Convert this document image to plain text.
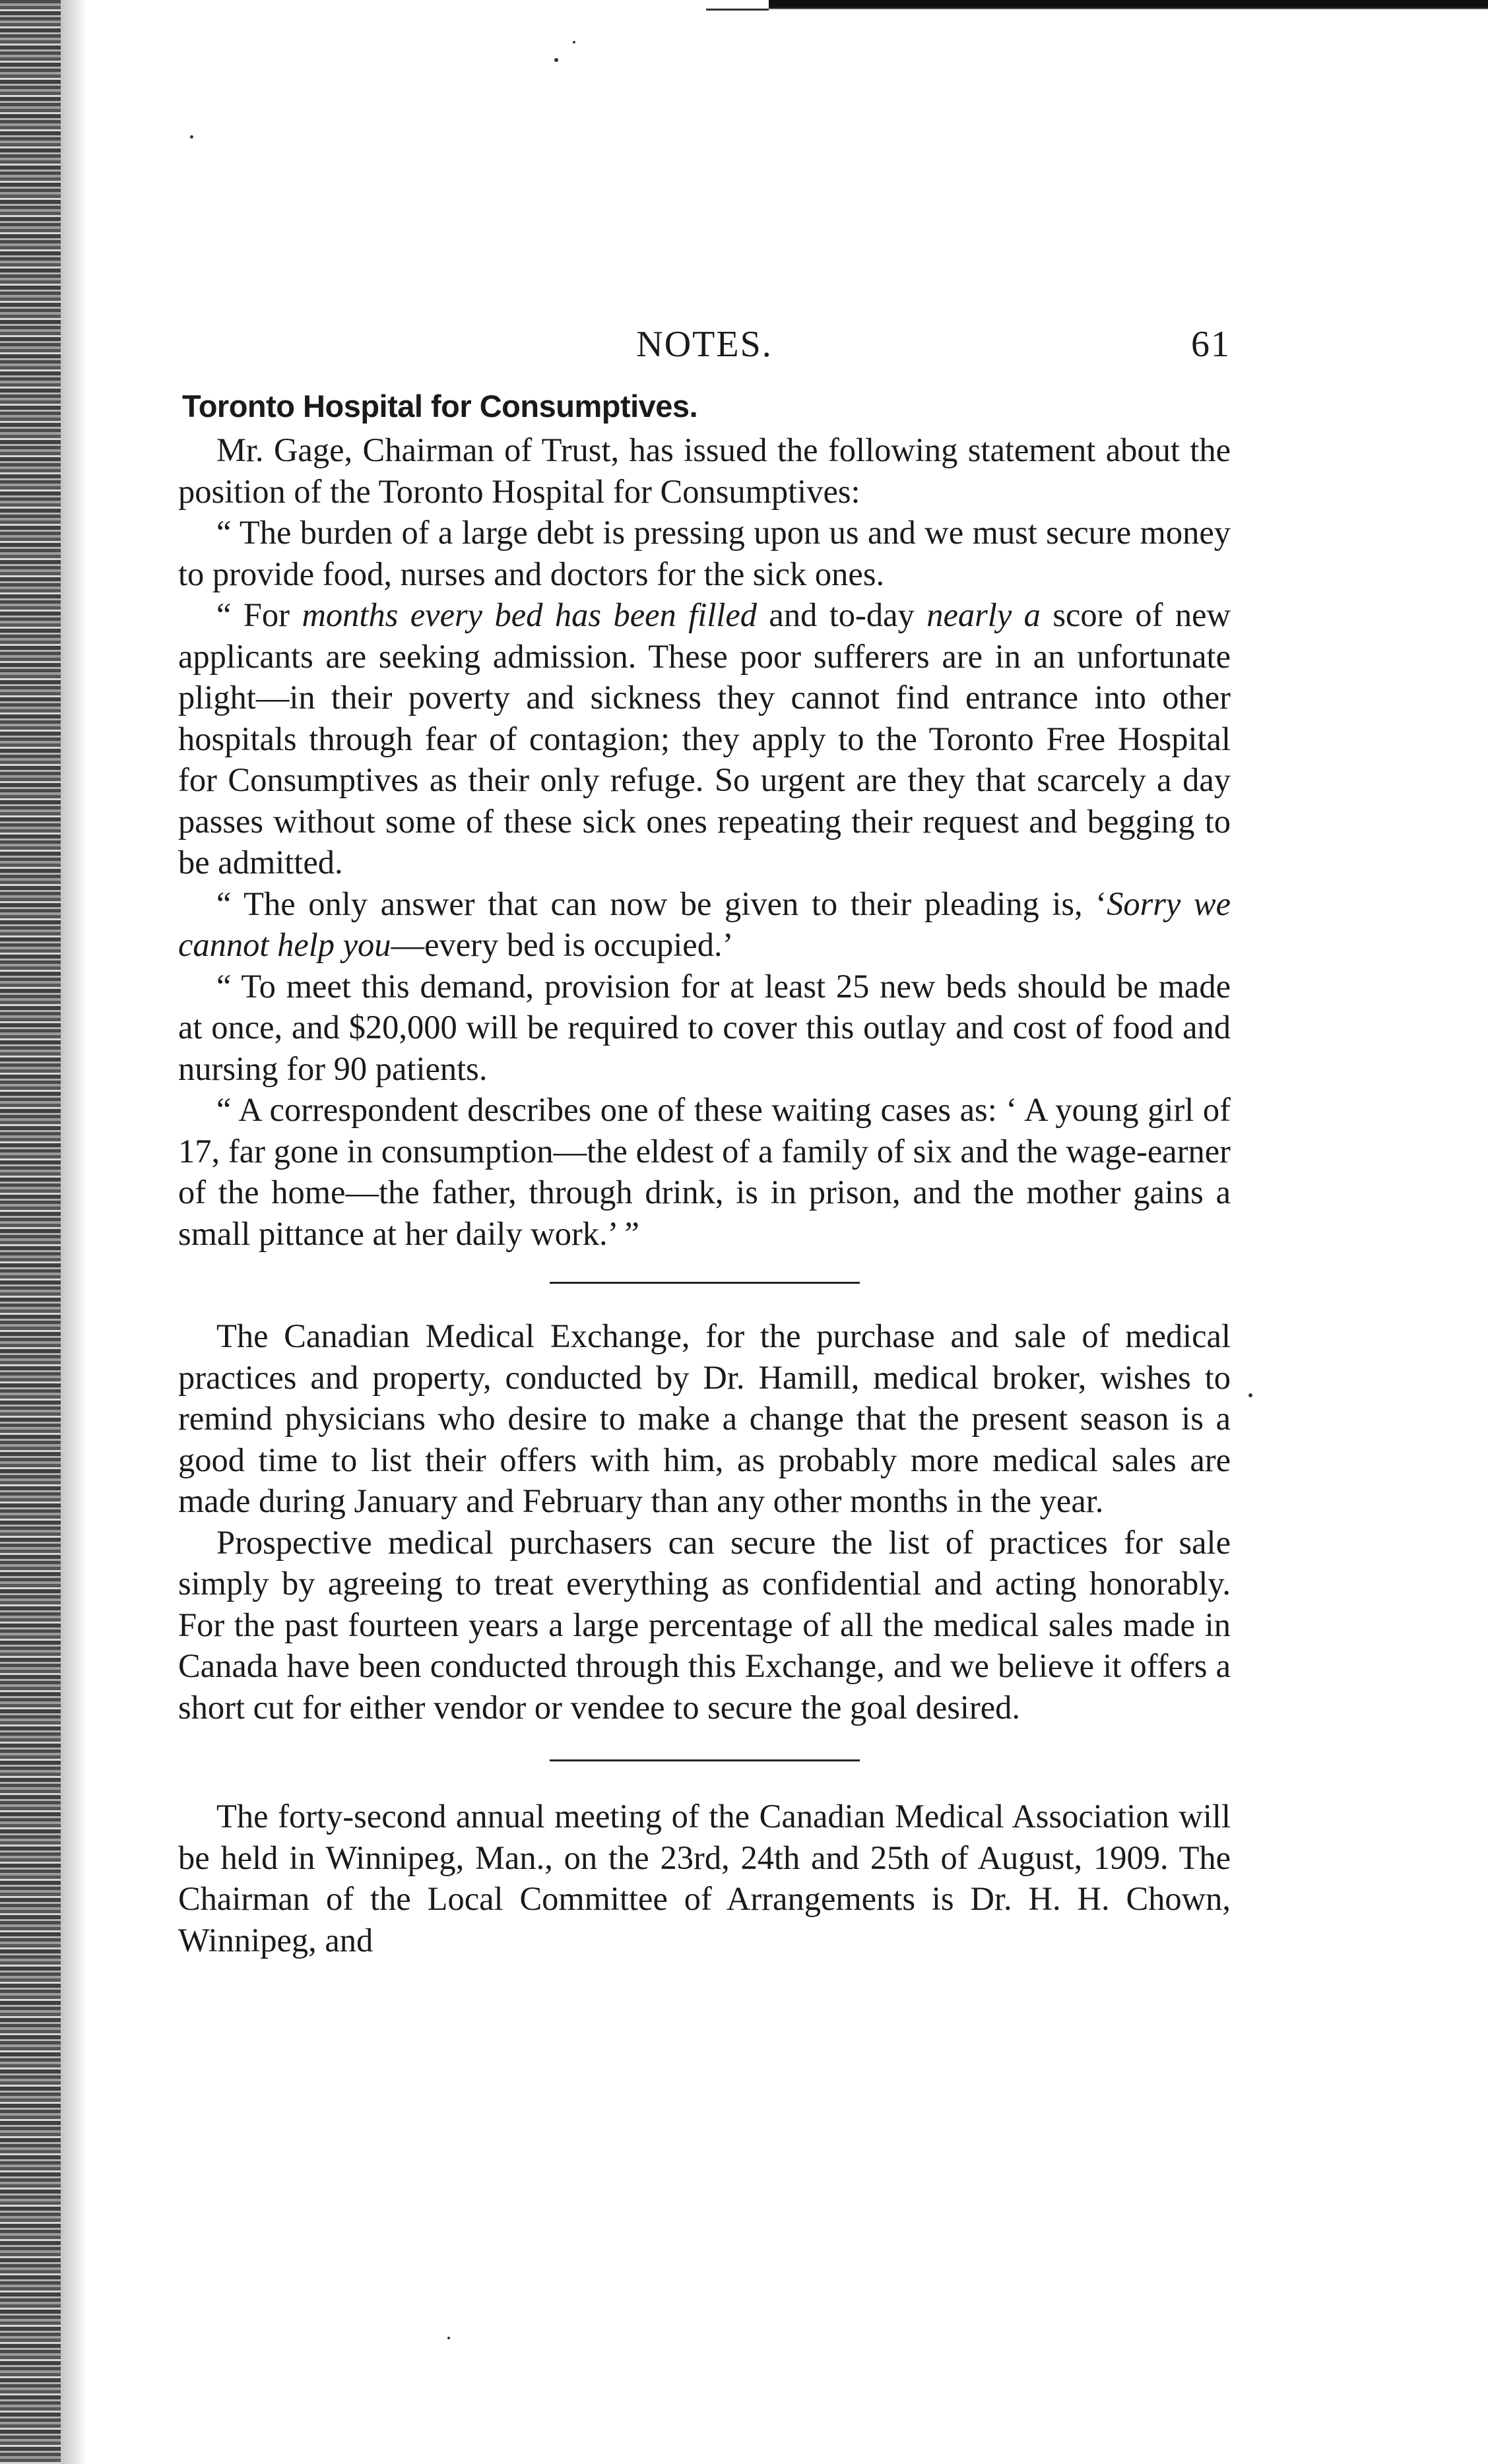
NOTES.	61
Toronto Hospital for Consumptives.

Mr. Gage, Chairman of Trust, has issued the following statement about the position of the Toronto Hospital for Consumptives:

“ The burden of a large debt is pressing upon us and we must secure money to provide food, nurses and doctors for the sick ones.

“ For months every bed has been filled and to-day nearly a score of new applicants are seeking admission. These poor sufferers are in an unfortunate plight—in their poverty and sickness they cannot find entrance into other hospitals through fear of contagion; they apply to the Toronto Free Hospital for Consumptives as their only refuge. So urgent are they that scarcely a day passes without some of these sick ones repeating their request and begging to be admitted.

“ The only answer that can now be given to their pleading is, ‘Sorry we cannot help you—every bed is occupied.’

“ To meet this demand, provision for at least 25 new beds should be made at once, and $20,000 will be required to cover this outlay and cost of food and nursing for 90 patients.

“ A correspondent describes one of these waiting cases as: ‘ A young girl of 17, far gone in consumption—the eldest of a family of six and the wage-earner of the home—the father, through drink, is in prison, and the mother gains a small pittance at her daily work.’ ”

The Canadian Medical Exchange, for the purchase and sale of medical practices and property, conducted by Dr. Hamill, medical broker, wishes to remind physicians who desire to make a change that the present season is a good time to list their offers with him, as probably more medical sales are made during January and February than any other months in the year.

Prospective medical purchasers can secure the list of practices for sale simply by agreeing to treat everything as confidential and acting honorably. For the past fourteen years a large percentage of all the medical sales made in Canada have been conducted through this Exchange, and we believe it offers a short cut for either vendor or vendee to secure the goal desired.

The forty-second annual meeting of the Canadian Medical Association will be held in Winnipeg, Man., on the 23rd, 24th and 25th of August, 1909. The Chairman of the Local Committee of Arrangements is Dr. H. H. Chown, Winnipeg, and
